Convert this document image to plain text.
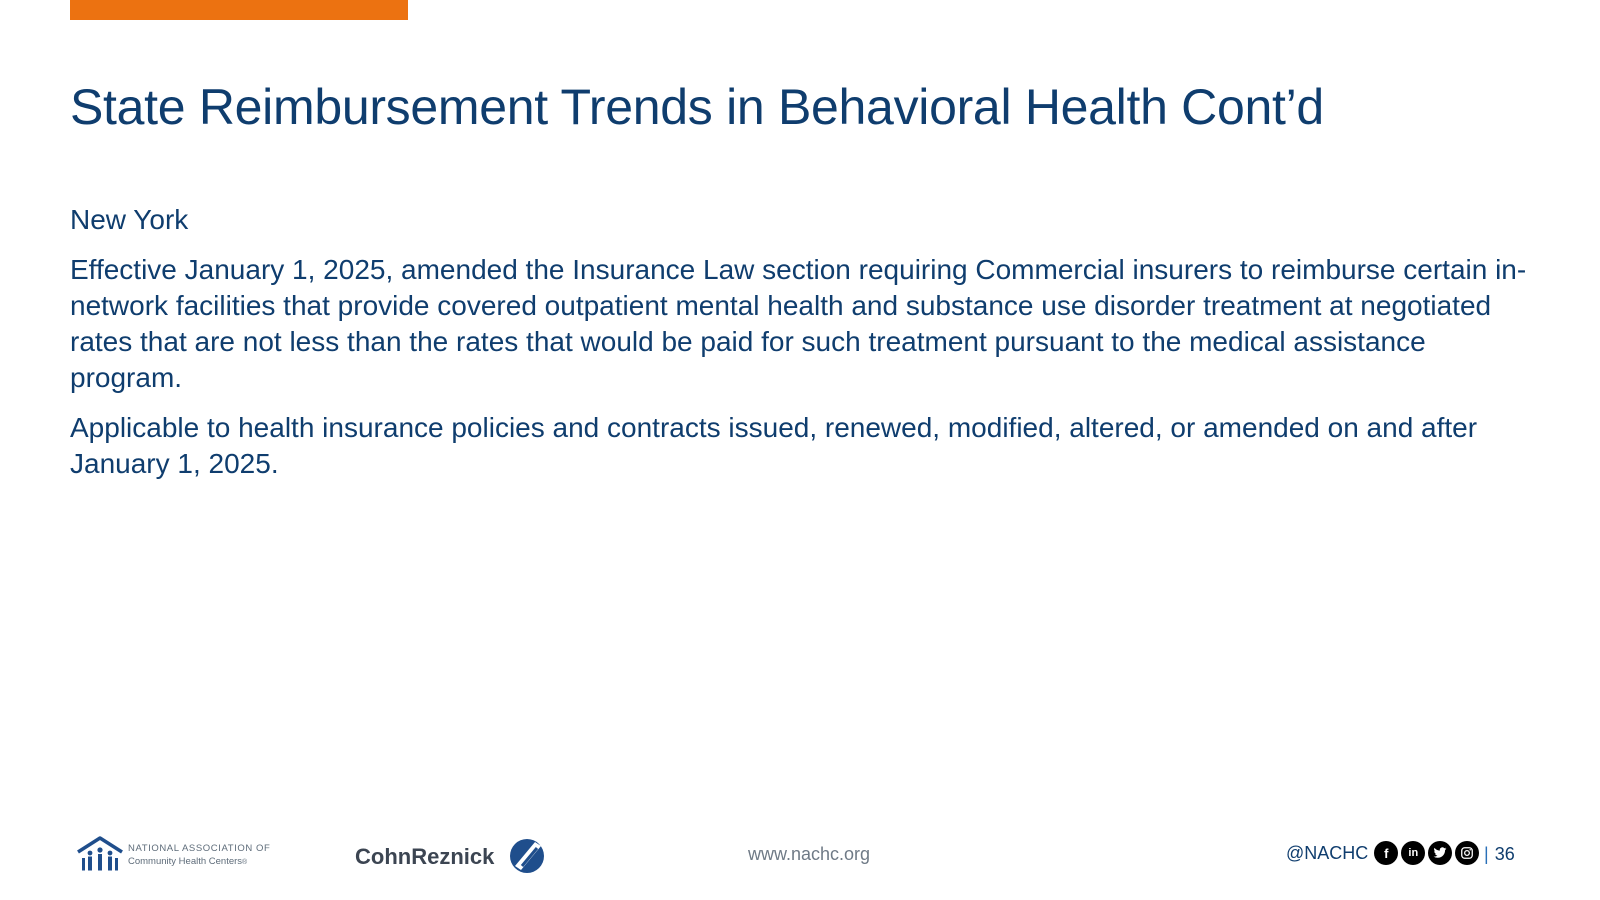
State Reimbursement Trends in Behavioral Health Cont’d

New York

Effective January 1, 2025, amended the Insurance Law section requiring Commercial insurers to reimburse certain in-network facilities that provide covered outpatient mental health and substance use disorder treatment at negotiated rates that are not less than the rates that would be paid for such treatment pursuant to the medical assistance program.

Applicable to health insurance policies and contracts issued, renewed, modified, altered, or amended on and after January 1, 2025.

NATIONAL ASSOCIATION OF
Community Health Centers®	CohnReznick	www.nachc.org	@NACHC	f	in	| 36
